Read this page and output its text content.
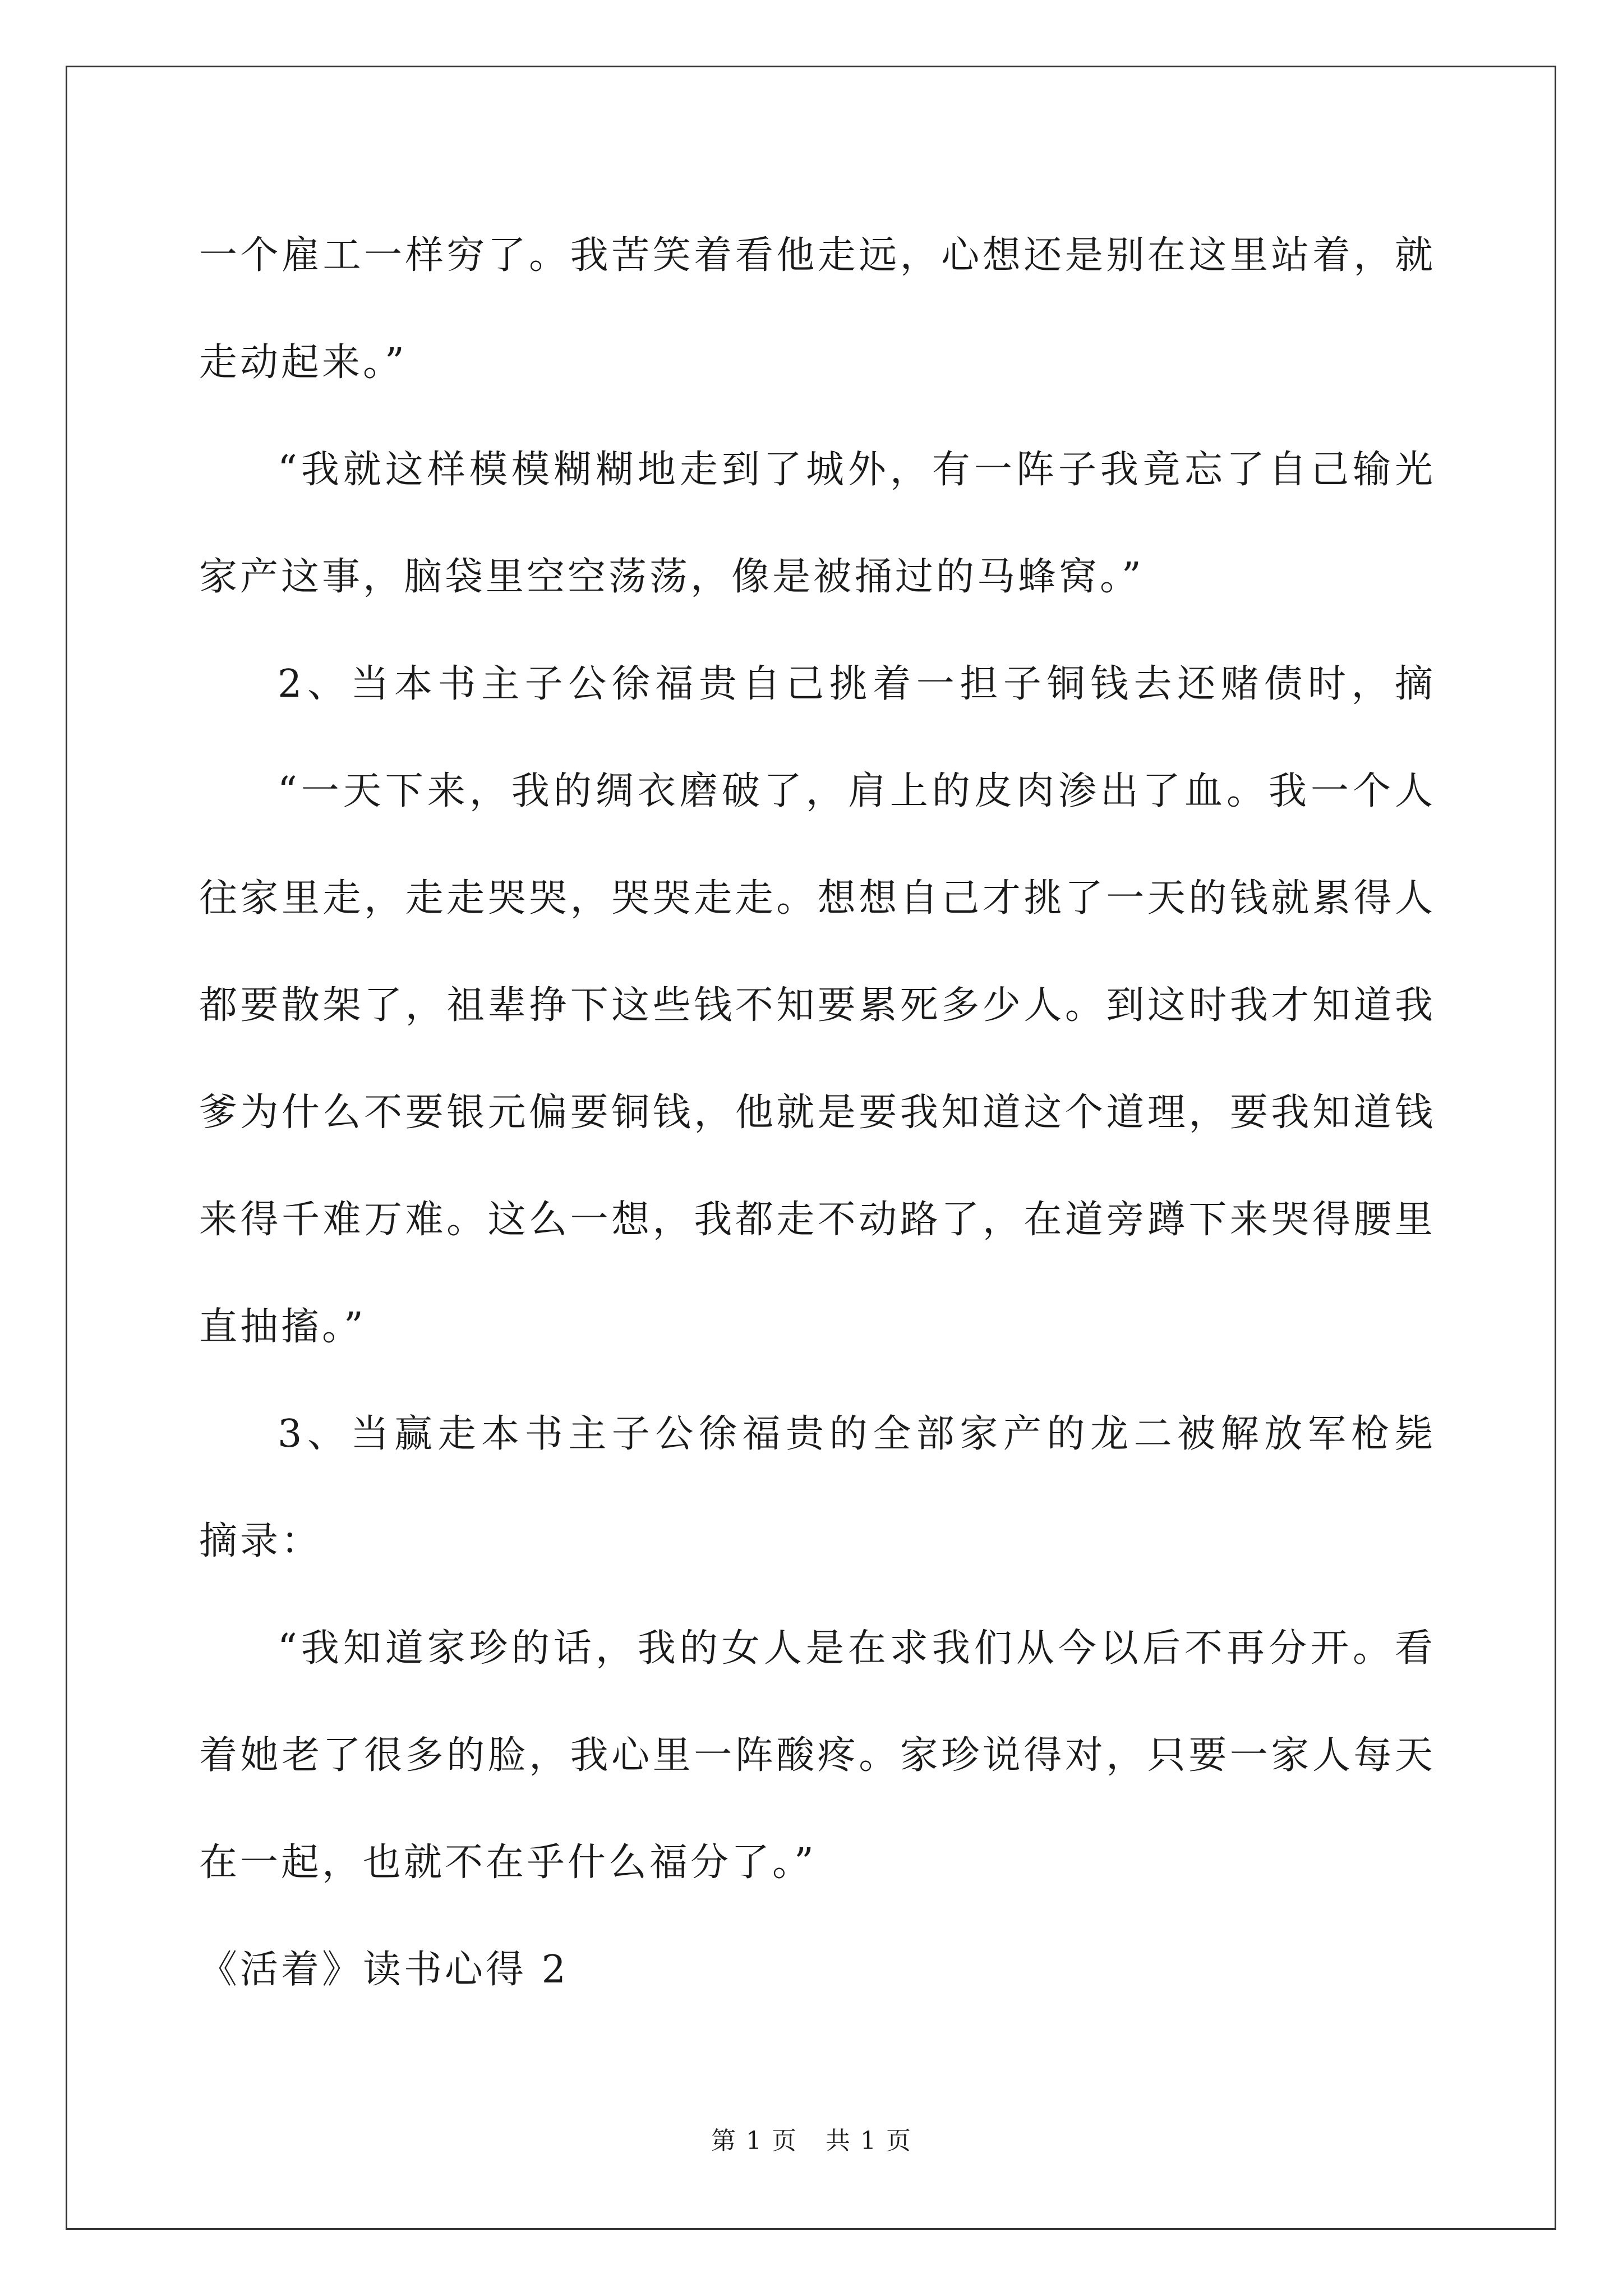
一个雇工一样穷了。我苦笑着看他走远，心想还是别在这里站着，就
走动起来。”
“我就这样模模糊糊地走到了城外，有一阵子我竟忘了自己输光
家产这事，脑袋里空空荡荡，像是被捅过的马蜂窝。”
2、当本书主子公徐福贵自己挑着一担子铜钱去还赌债时，摘
“一天下来，我的绸衣磨破了，肩上的皮肉渗出了血。我一个人
往家里走，走走哭哭，哭哭走走。想想自己才挑了一天的钱就累得人
都要散架了，祖辈挣下这些钱不知要累死多少人。到这时我才知道我
爹为什么不要银元偏要铜钱，他就是要我知道这个道理，要我知道钱
来得千难万难。这么一想，我都走不动路了，在道旁蹲下来哭得腰里
直抽搐。”
3、当赢走本书主子公徐福贵的全部家产的龙二被解放军枪毙
摘录：
“我知道家珍的话，我的女人是在求我们从今以后不再分开。看
着她老了很多的脸，我心里一阵酸疼。家珍说得对，只要一家人每天
在一起，也就不在乎什么福分了。”
《活着》读书心得 2
第 1 页 共 1 页
